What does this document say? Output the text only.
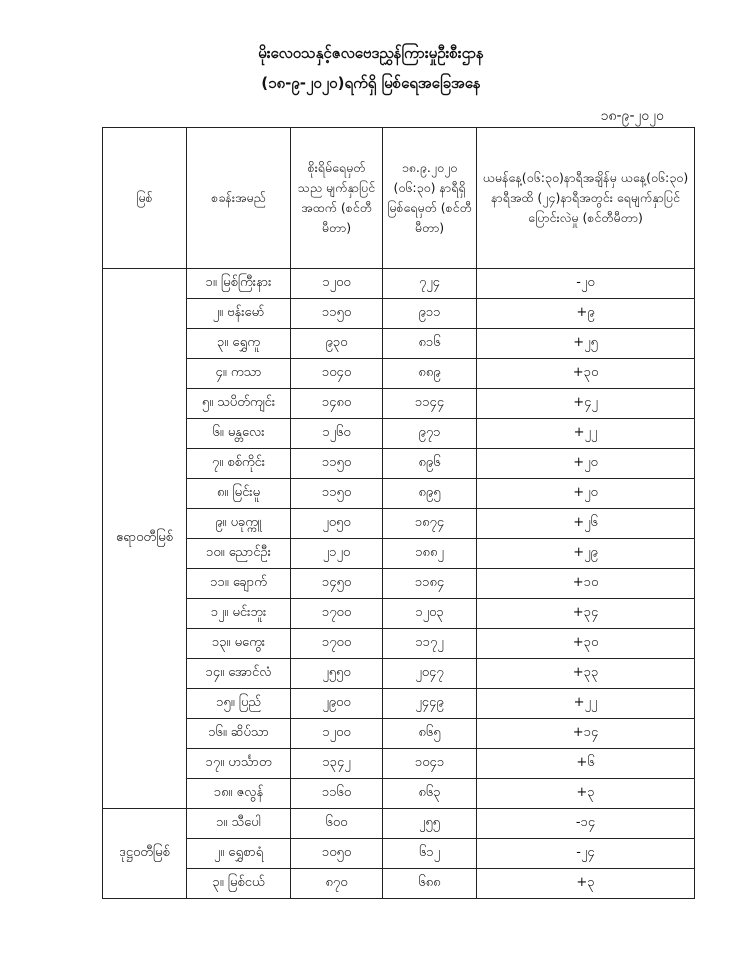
မိုးလေဝသနှင့်ဇလဗေဒညွှန်ကြားမှုဦးစီးဌာန
(၁၈-၉-၂၀၂၀)ရက်ရှိ မြစ်ရေအခြေအနေ
၁၈-၉-၂၀၂၀
မြစ်	စခန်းအမည်	စိုးရိမ်ရေမှတ် သည မျက်နှာပြင် အထက် (စင်တီမီတာ)	၁၈.၉.၂၀၂၀ (ဝ၆:၃၀) နာရီရှိ မြစ်ရေမှတ် (စင်တီမီတာ)	ယမန်နေ့(ဝ၆:၃၀)နာရီအချိန်မှ ယနေ့(ဝ၆:၃၀) နာရီအထိ (၂၄)နာရီအတွင်း ရေမျက်နှာပြင်ပြောင်းလဲမှု (စင်တီမီတာ)
ဧရာဝတီမြစ်	၁။ မြစ်ကြီးနား	၁၂၀၀	၇၂၄	-၂၀
	၂။ ဗန်းမော်	၁၁၅၀	၉၁၁	+၉
	၃။ ရွှေကူ	၉၃၀	၈၁၆	+၂၅
	၄။ ကသာ	၁၀၄၀	၈၈၉	+၃၀
	၅။ သပိတ်ကျင်း	၁၄၈၀	၁၁၄၄	+၄၂
	၆။ မန္တလေး	၁၂၆၀	၉၇၁	+၂၂
	၇။ စစ်ကိုင်း	၁၁၅၀	၈၉၆	+၂၀
	၈။ မြင်းမူ	၁၁၅၀	၈၉၅	+၂၀
	၉။ ပခုက္ကူ	၂၀၅၀	၁၈၇၄	+၂၆
	၁၀။ ညောင်ဦး	၂၁၂၀	၁၈၈၂	+၂၉
	၁၁။ ချောက်	၁၄၅၀	၁၁၈၄	+၁၀
	၁၂။ မင်းဘူး	၁၇၀၀	၁၂၀၃	+၃၄
	၁၃။ မကွေး	၁၇၀၀	၁၁၇၂	+၃၀
	၁၄။ အောင်လံ	၂၅၅၀	၂၀၄၇	+၃၃
	၁၅။ ပြည်	၂၉၀၀	၂၄၄၉	+၂၂
	၁၆။ ဆိပ်သာ	၁၂၀၀	၈၆၅	+၁၄
	၁၇။ ဟင်္သာတ	၁၃၄၂	၁၀၄၁	+၆
	၁၈။ ဇလွန်	၁၁၆၀	၈၆၃	+၃
ဒုဋ္ဌဝတီမြစ်	၁။ သီပေါ	၆၀၀	၂၅၅	-၁၄
	၂။ ရွှေစာရံ	၁၀၅၀	၆၁၂	-၂၄
	၃။ မြစ်ငယ်	၈၇၀	၆၈၈	+၃
